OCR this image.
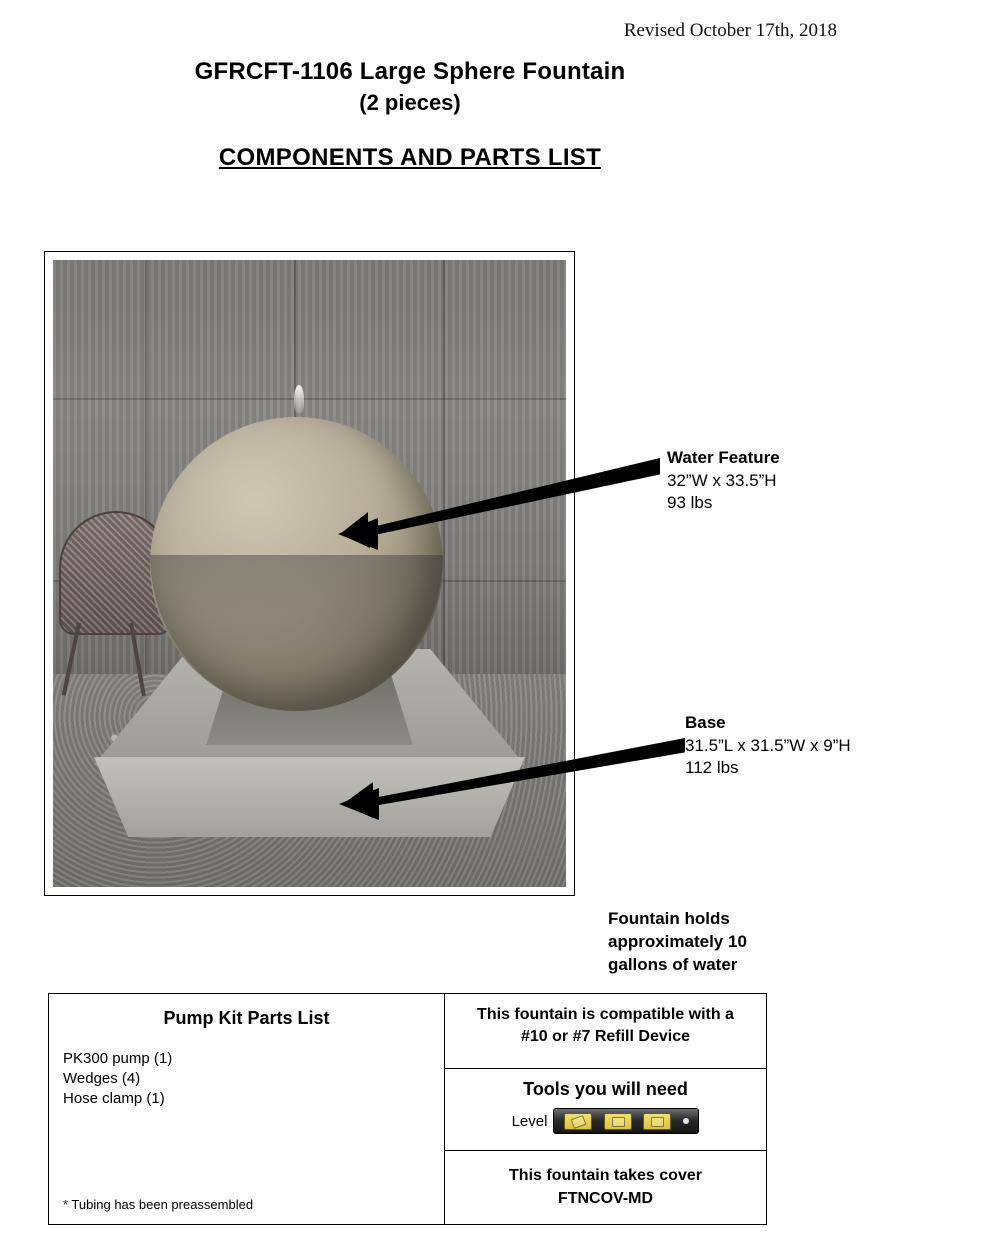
Revised October 17th, 2018
GFRCFT-1106 Large Sphere Fountain
(2 pieces)
COMPONENTS AND PARTS LIST
Water Feature
32”W x 33.5”H
93 lbs
Base
31.5”L x 31.5”W x 9”H
112 lbs
Fountain holds approximately 10 gallons of water
Pump Kit Parts List
PK300 pump (1)
Wedges (4)
Hose clamp (1)
* Tubing has been preassembled
This fountain is compatible with a
#10 or #7 Refill Device
Tools you will need
Level
This fountain takes cover
FTNCOV-MD
